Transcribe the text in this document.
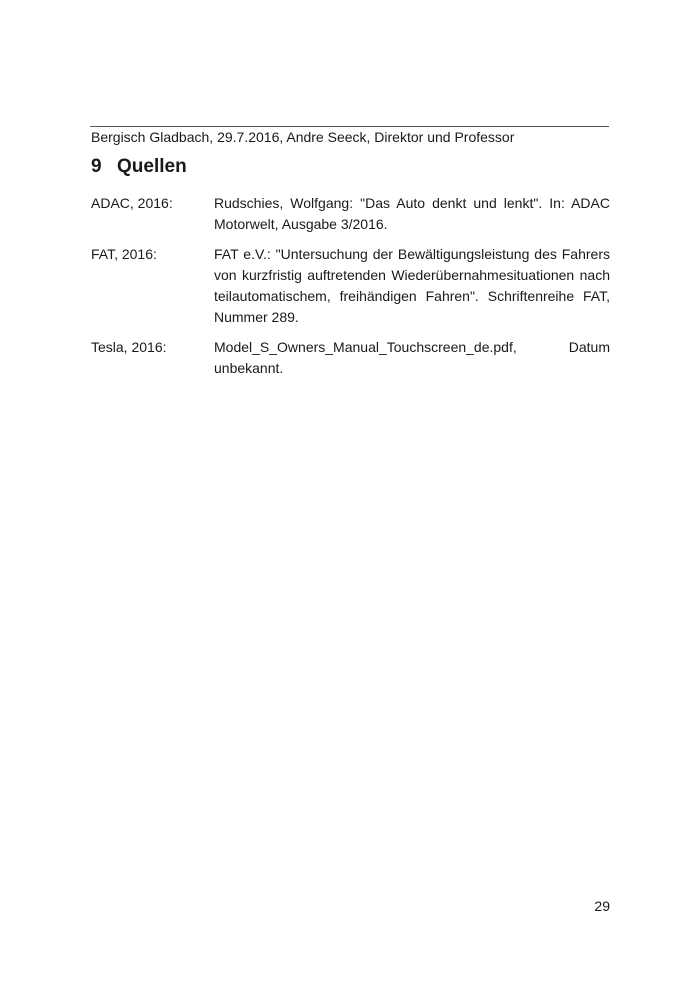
Bergisch Gladbach, 29.7.2016, Andre Seeck, Direktor und Professor
9 Quellen
ADAC, 2016:	Rudschies, Wolfgang: "Das Auto denkt und lenkt". In: ADAC Motorwelt, Ausgabe 3/2016.
FAT, 2016:	FAT e.V.: "Untersuchung der Bewältigungsleistung des Fahrers von kurzfristig auftretenden Wiederübernahmesituationen nach teilautomatischem, freihändigen Fahren". Schriftenreihe FAT, Nummer 289.
Tesla, 2016:	Model_S_Owners_Manual_Touchscreen_de.pdf, Datum unbekannt.
29
